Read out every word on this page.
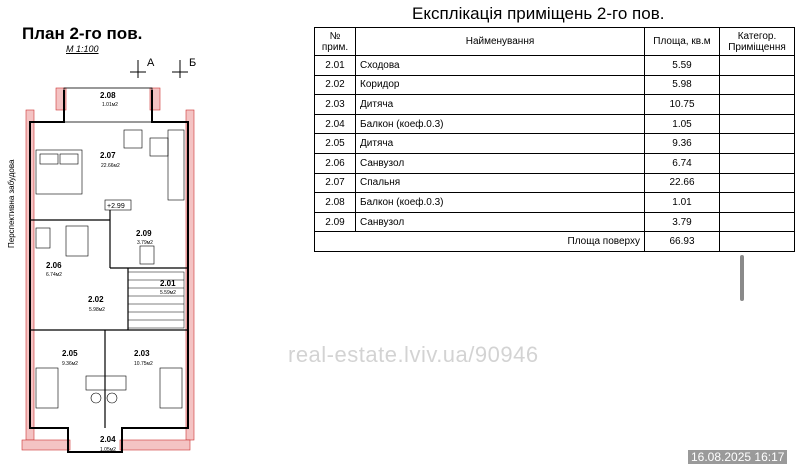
План 2-го пов.
M 1:100
Перспективна забудова
А	Б
2.08
1.01м2
2.07
22.66м2
+2.99
2.09
3.79м2
2.06
6.74м2
2.01
5.59м2
2.02
5.98м2
2.05
9.36м2
2.03
10.75м2
2.04
1.05м2
Експлікація приміщень 2-го пов.
№ прим.	Найменування	Площа, кв.м	Категор. Приміщення
2.01	Сходова	5.59	
2.02	Коридор	5.98	
2.03	Дитяча	10.75	
2.04	Балкон (коеф.0.3)	1.05	
2.05	Дитяча	9.36	
2.06	Санвузол	6.74	
2.07	Спальня	22.66	
2.08	Балкон (коеф.0.3)	1.01	
2.09	Санвузол	3.79	
Площа поверху		66.93	
real-estate.lviv.ua/90946
16.08.2025 16:17
